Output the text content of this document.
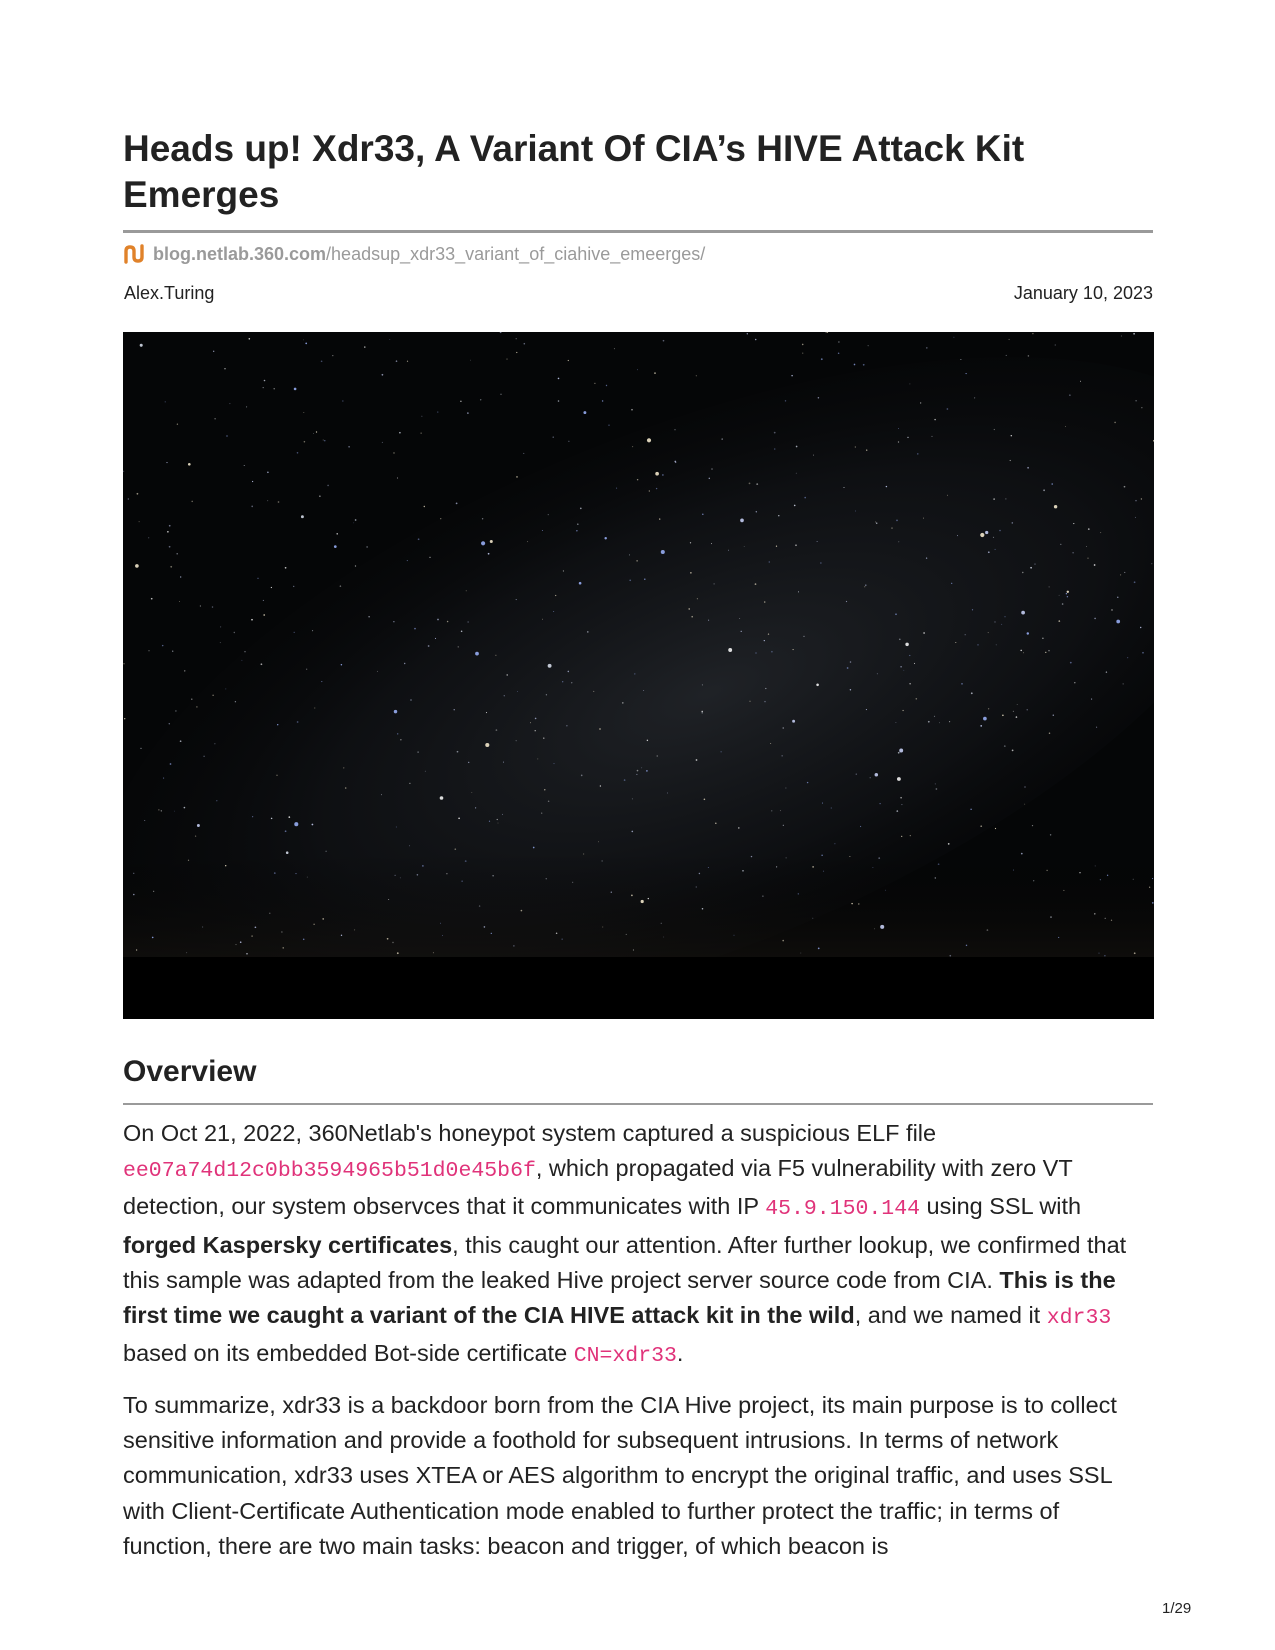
Heads up! Xdr33, A Variant Of CIA’s HIVE Attack Kit Emerges
blog.netlab.360.com /headsup_xdr33_variant_of_ciahive_emeerges/
Alex.Turing	January 10, 2023
Overview

On Oct 21, 2022, 360Netlab's honeypot system captured a suspicious ELF file ee07a74d12c0bb3594965b51d0e45b6f, which propagated via F5 vulnerability with zero VT detection, our system observces that it communicates with IP 45.9.150.144 using SSL with forged Kaspersky certificates, this caught our attention. After further lookup, we confirmed that this sample was adapted from the leaked Hive project server source code from CIA. This is the first time we caught a variant of the CIA HIVE attack kit in the wild, and we named it xdr33 based on its embedded Bot-side certificate CN=xdr33.

To summarize, xdr33 is a backdoor born from the CIA Hive project, its main purpose is to collect sensitive information and provide a foothold for subsequent intrusions. In terms of network communication, xdr33 uses XTEA or AES algorithm to encrypt the original traffic, and uses SSL with Client-Certificate Authentication mode enabled to further protect the traffic; in terms of function, there are two main tasks: beacon and trigger, of which beacon is

1/29
